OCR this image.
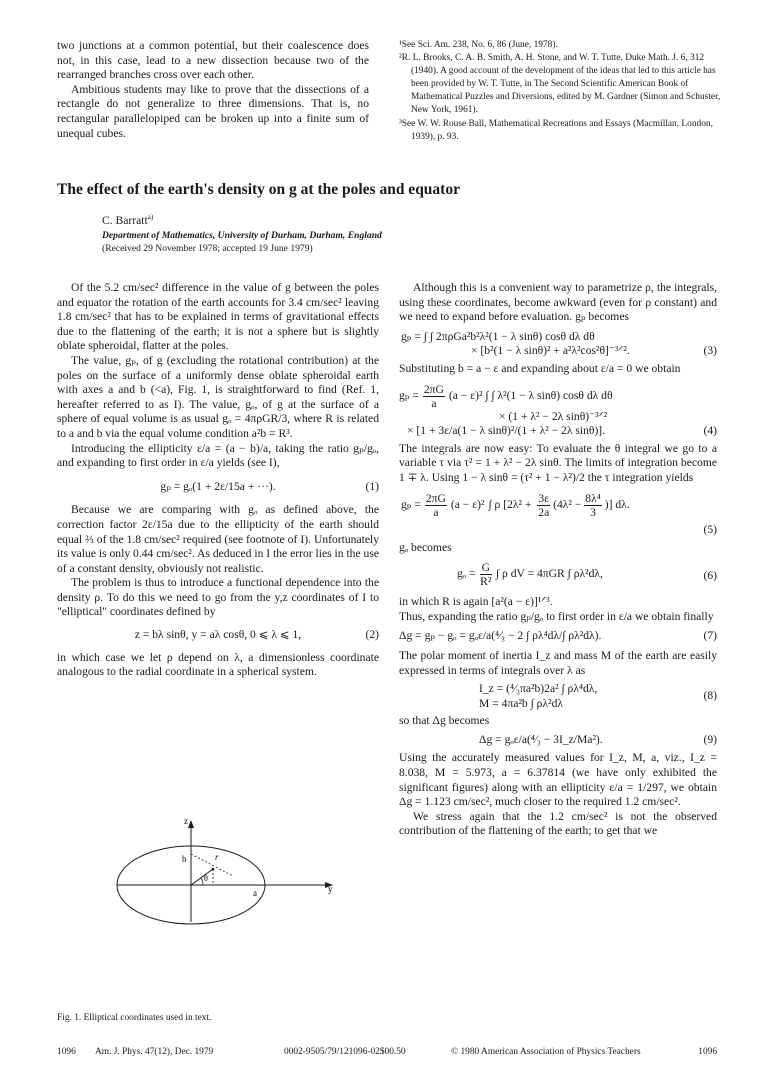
two junctions at a common potential, but their coalescence does not, in this case, lead to a new dissection because two of the rearranged branches cross over each other.

Ambitious students may like to prove that the dissections of a rectangle do not generalize to three dimensions. That is, no rectangular parallelopiped can be broken up into a finite sum of unequal cubes.

¹See Sci. Am. 238, No. 6, 86 (June, 1978).

²R. L. Brooks, C. A. B. Smith, A. H. Stone, and W. T. Tutte, Duke Math. J. 6, 312 (1940). A good account of the development of the ideas that led to this article has been provided by W. T. Tutte, in The Second Scientific American Book of Mathematical Puzzles and Diversions, edited by M. Gardner (Simon and Schuster, New York, 1961).

³See W. W. Rouse Ball, Mathematical Recreations and Essays (Macmillan, London, 1939), p. 93.

The effect of the earth's density on g at the poles and equator
C. Barratt$^{a)}$
Department of Mathematics, University of Durham, Durham, England
(Received 29 November 1978; accepted 19 June 1979)

Of the 5.2 cm/sec² difference in the value of g between the poles and equator the rotation of the earth accounts for 3.4 cm/sec² leaving 1.8 cm/sec² that has to be explained in terms of gravitational effects due to the flattening of the earth; it is not a sphere but is slightly oblate spheroidal, flatter at the poles.

The value, gₚ, of g (excluding the rotational contribution) at the poles on the surface of a uniformly dense oblate spheroidal earth with axes a and b (<a), Fig. 1, is straightforward to find (Ref. 1, hereafter referred to as I). The value, gₒ, of g at the surface of a sphere of equal volume is as usual gₒ = 4πρGR/3, where R is related to a and b via the equal volume condition a²b = R³.

Introducing the ellipticity ε/a = (a − b)/a, taking the ratio gₚ/gₒ, and expanding to first order in ε/a yields (see I),

gₚ = gₒ(1 + 2ε/15a + ···).	(1)

Because we are comparing with gₒ as defined above, the correction factor 2ε/15a due to the ellipticity of the earth should equal ⅔ of the 1.8 cm/sec² required (see footnote of I). Unfortunately its value is only 0.44 cm/sec². As deduced in I the error lies in the use of a constant density, obviously not realistic.

The problem is thus to introduce a functional dependence into the density ρ. To do this we need to go from the y,z coordinates of I to "elliptical" coordinates defined by

z = bλ sinθ, y = aλ cosθ, 0 ⩽ λ ⩽ 1,	(2)

in which case we let ρ depend on λ, a dimensionless coordinate analogous to the radial coordinate in a spherical system.

z
b	r
θ
a	y
Fig. 1. Elliptical coordinates used in text.

Although this is a convenient way to parametrize ρ, the integrals, using these coordinates, become awkward (even for ρ constant) and we need to expand before evaluation. gₚ becomes

gₚ = ∫ ∫ 2πρGa²b²λ²(1 − λ sinθ) cosθ dλ dθ
× [b²(1 − λ sinθ)² + a²λ²cos²θ]⁻³ᐟ².	(3)

Substituting b = a − ε and expanding about ε/a = 0 we obtain

$g_p = \frac{2\pi G}{a} (a - \varepsilon)^2$ ∫ ∫ λ²(1 − λ sinθ) cosθ dλ dθ
× (1 + λ² − 2λ sinθ)⁻³ᐟ²
× [1 + 3ε/a(1 − λ sinθ)²/(1 + λ² − 2λ sinθ)].	(4)

The integrals are now easy: To evaluate the θ integral we go to a variable τ via τ² = 1 + λ² − 2λ sinθ. The limits of integration become 1 ∓ λ. Using 1 − λ sinθ = (τ² + 1 − λ²)/2 the τ integration yields

$g_p = \frac{2\pi G}{a} (a - \varepsilon)^2$ ∫ ρ [$2\lambda^2 + \frac{3\varepsilon}{2a} (4\lambda^2 - \frac{\text{8λ⁴}}{3}$ )] dλ.
(5)

gₒ becomes

$g_o = \frac{G}{\text{R²}}$ ∫ ρ dV = 4πGR ∫ ρλ²dλ,	(6)

in which R is again [a²(a − ε)]¹ᐟ³.

Thus, expanding the ratio gₚ/gₒ to first order in ε/a we obtain finally

Δg = gₚ − gₒ = gₒε/a(⁴⁄₃ − 2 ∫ ρλ⁴dλ/∫ ρλ²dλ).	(7)

The polar moment of inertia I_z and mass M of the earth are easily expressed in terms of integrals over λ as

I_z = (⁴⁄₃πa²b)2a² ∫ ρλ⁴dλ,
M = 4πa²b ∫ ρλ²dλ
(8)

so that Δg becomes

Δg = gₒε/a(⁴⁄₃ − 3I_z/Ma²).	(9)

Using the accurately measured values for I_z, M, a, viz., I_z = 8.038, M = 5.973, a = 6.37814 (we have only exhibited the significant figures) along with an ellipticity ε/a = 1/297, we obtain Δg = 1.123 cm/sec², much closer to the required 1.2 cm/sec².

We stress again that the 1.2 cm/sec² is not the observed contribution of the flattening of the earth; to get that we

1096 Am. J. Phys. 47(12), Dec. 1979	0002-9505/79/121096-02$00.50	© 1980 American Association of Physics Teachers	1096
